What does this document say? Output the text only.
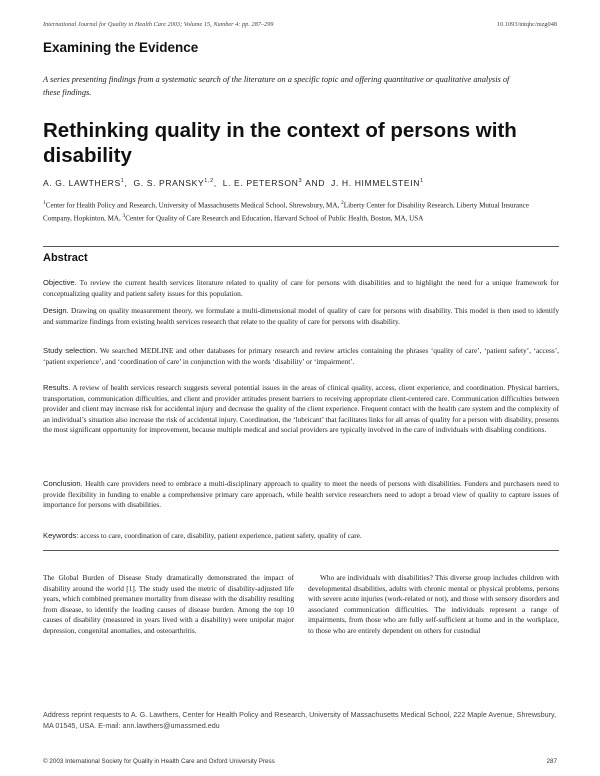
International Journal for Quality in Health Care 2003; Volume 15, Number 4: pp. 287–299	10.1093/intqhc/mzg048
Examining the Evidence
A series presenting findings from a systematic search of the literature on a specific topic and offering quantitative or qualitative analysis of these findings.
Rethinking quality in the context of persons with disability
A. G. LAWTHERS$^1$,  G. S. PRANSKY$^{1,2}$,  L. E. PETERSON$^3$ AND  J. H. HIMMELSTEIN$^1$
$^1$Center for Health Policy and Research, University of Massachusetts Medical School, Shrewsbury, MA, $^2$Liberty Center for Disability Research, Liberty Mutual Insurance Company, Hopkinton, MA, $^3$Center for Quality of Care Research and Education, Harvard School of Public Health, Boston, MA, USA
Abstract
Objective. To review the current health services literature related to quality of care for persons with disabilities and to highlight the need for a unique framework for conceptualizing quality and patient safety issues for this population.
Design. Drawing on quality measurement theory, we formulate a multi-dimensional model of quality of care for persons with disability. This model is then used to identify and summarize findings from existing health services research that relate to the quality of care for persons with disability.
Study selection. We searched MEDLINE and other databases for primary research and review articles containing the phrases ‘quality of care’, ‘patient safety’, ‘access’, ‘patient experience’, and ‘coordination of care’ in conjunction with the words ‘disability’ or ‘impairment’.
Results. A review of health services research suggests several potential issues in the areas of clinical quality, access, client experience, and coordination. Physical barriers, transportation, communication difficulties, and client and provider attitudes present barriers to receiving appropriate client-centered care. Communication difficulties between provider and client may increase risk for accidental injury and decrease the quality of the client experience. Frequent contact with the health care system and the complexity of an individual’s situation also increase the risk of accidental injury. Coordination, the ‘lubricant’ that facilitates links for all areas of quality for a person with disability, presents the most significant opportunity for improvement, because multiple medical and social providers are typically involved in the care of individuals with disabling conditions.
Conclusion. Health care providers need to embrace a multi-disciplinary approach to quality to meet the needs of persons with disabilities. Funders and purchasers need to provide flexibility in funding to enable a comprehensive primary care approach, while health service researchers need to adopt a broad view of quality to capture issues of importance for persons with disabilities.
Keywords: access to care, coordination of care, disability, patient experience, patient safety, quality of care.
The Global Burden of Disease Study dramatically demonstrated the impact of disability around the world [1]. The study used the metric of disability-adjusted life years, which combined premature mortality from disease with the disability resulting from disease, to identify the leading causes of disease burden. Among the top 10 causes of disability (measured in years lived with a disability) were unipolar major depression, congenital anomalies, and osteoarthritis.
Who are individuals with disabilities? This diverse group includes children with developmental disabilities, adults with chronic mental or physical problems, persons with severe acute injuries (work-related or not), and those with sensory disorders and associated communication difficulties. The individuals represent a range of impairments, from those who are fully self-sufficient at home and in the workplace, to those who are entirely dependent on others for custodial
Address reprint requests to A. G. Lawthers, Center for Health Policy and Research, University of Massachusetts Medical School, 222 Maple Avenue, Shrewsbury, MA 01545, USA. E-mail: ann.lawthers@umassmed.edu
© 2003 International Society for Quality in Health Care and Oxford University Press	287
